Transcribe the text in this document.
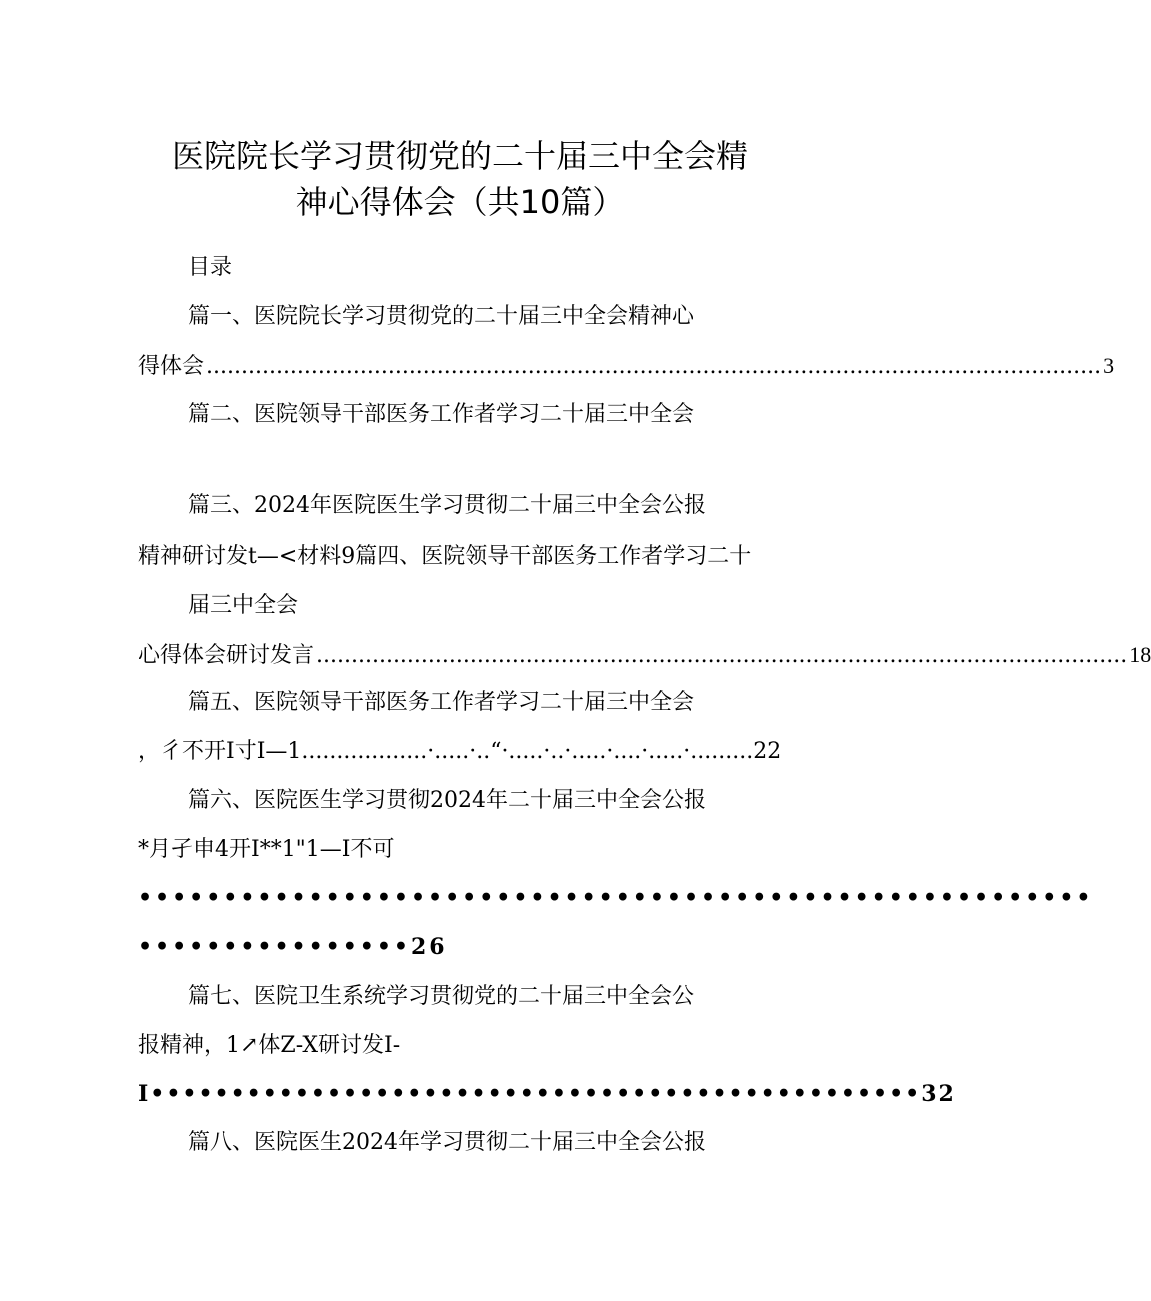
医院院长学习贯彻党的二十届三中全会精
神心得体会（共10篇）
目录
篇一、医院院长学习贯彻党的二十届三中全会精神心
得体会 ................................................................................................................................ 3
篇二、医院领导干部医务工作者学习二十届三中全会
篇三、2024年医院医生学习贯彻二十届三中全会公报
精神研讨发t—<材料9篇四、医院领导干部医务工作者学习二十
届三中全会
心得体会研讨发言 .................................................................................................................... 18
篇五、医院领导干部医务工作者学习二十届三中全会
，彳不开I寸I—1..................·.....·..“·.....·..·.....·....·.....·.........22
篇六、医院医生学习贯彻2024年二十届三中全会公报
*月孑申4开I**1"1—I不可
••••••••••••••••••••••••••••••••••••••••••••••••••••••••
••••••••••••••••26
篇七、医院卫生系统学习贯彻党的二十届三中全会公
报精神，1↗体Z-X研讨发I-
I••••••••••••••••••••••••••••••••••••••••••••••••32
篇八、医院医生2024年学习贯彻二十届三中全会公报
